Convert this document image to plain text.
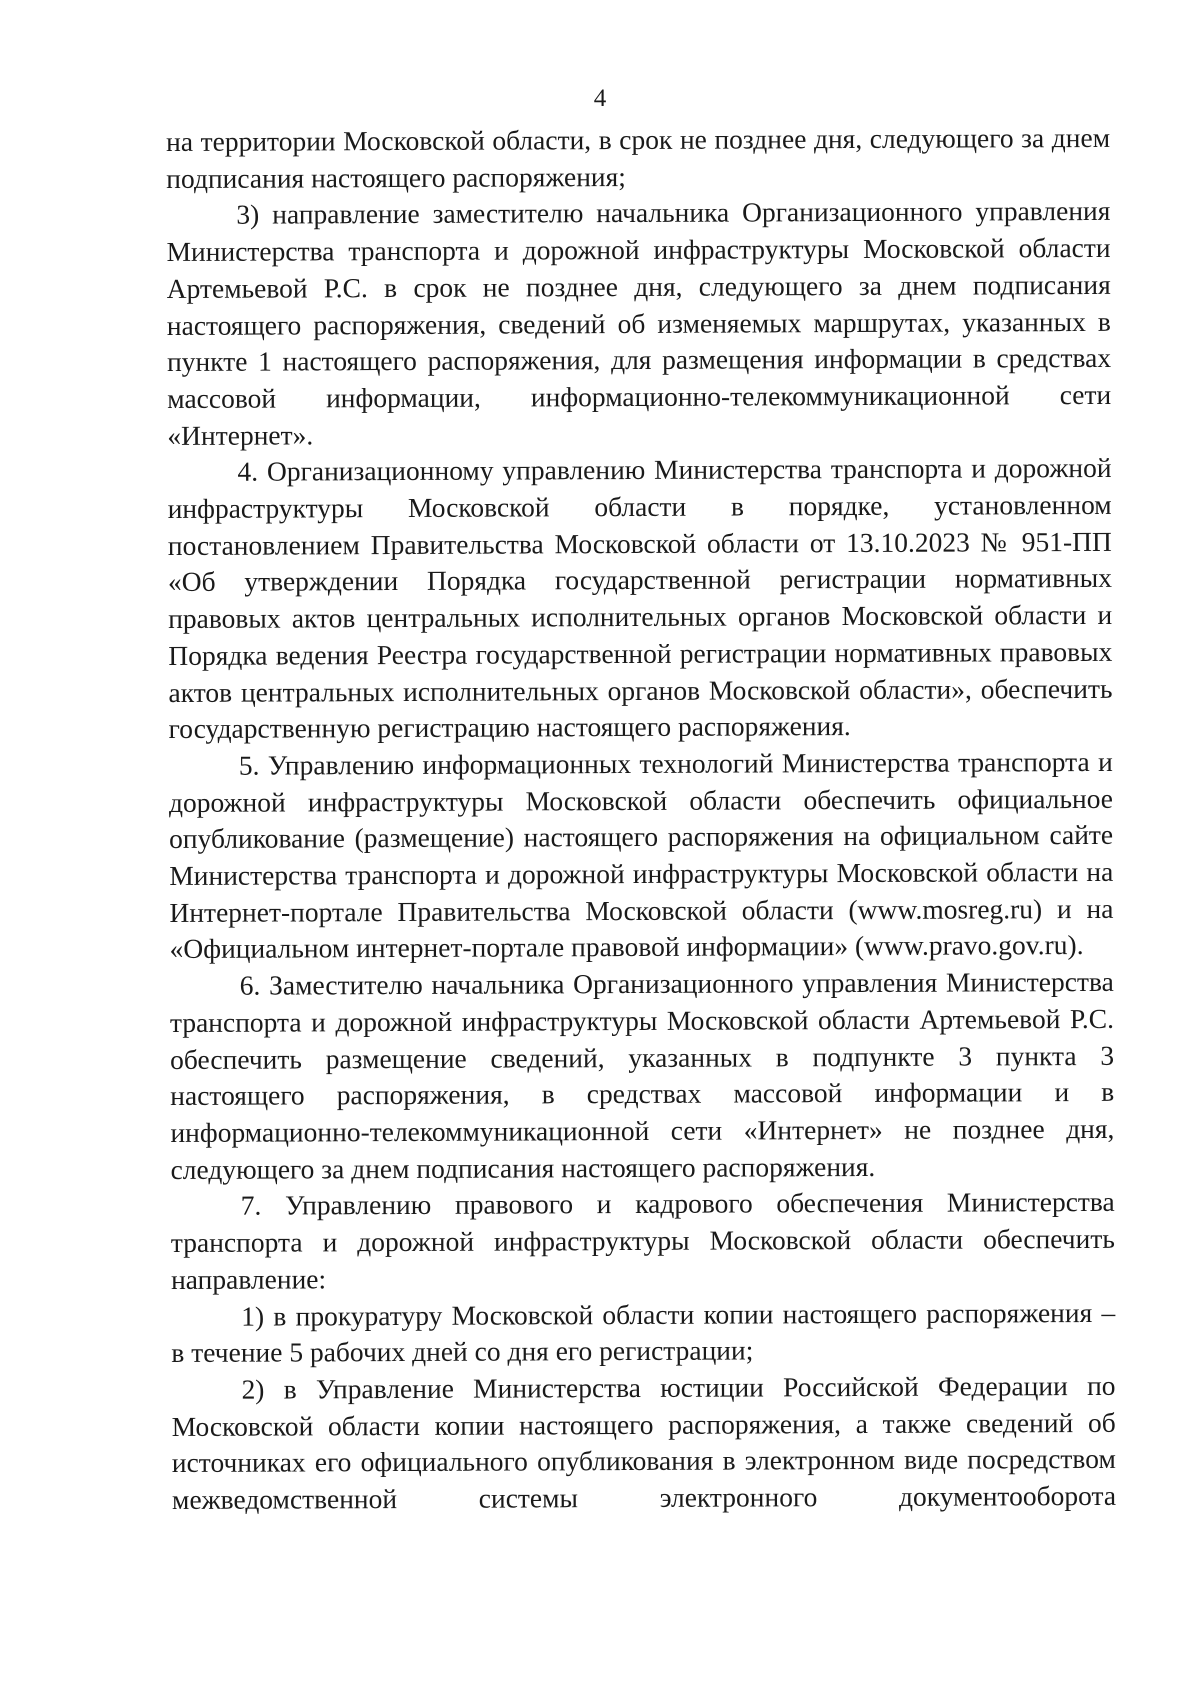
4

на территории Московской области, в срок не позднее дня, следующего за днем подписания настоящего распоряжения;

3) направление заместителю начальника Организационного управления Министерства транспорта и дорожной инфраструктуры Московской области Артемьевой Р.С. в срок не позднее дня, следующего за днем подписания настоящего распоряжения, сведений об изменяемых маршрутах, указанных в пункте 1 настоящего распоряжения, для размещения информации в средствах массовой информации, информационно-телекоммуникационной сети «Интернет».

4. Организационному управлению Министерства транспорта и дорожной инфраструктуры Московской области в порядке, установленном постановлением Правительства Московской области от 13.10.2023 № 951-ПП «Об утверждении Порядка государственной регистрации нормативных правовых актов центральных исполнительных органов Московской области и Порядка ведения Реестра государственной регистрации нормативных правовых актов центральных исполнительных органов Московской области», обеспечить государственную регистрацию настоящего распоряжения.

5. Управлению информационных технологий Министерства транспорта и дорожной инфраструктуры Московской области обеспечить официальное опубликование (размещение) настоящего распоряжения на официальном сайте Министерства транспорта и дорожной инфраструктуры Московской области на Интернет-портале Правительства Московской области (www.mosreg.ru) и на «Официальном интернет-портале правовой информации» (www.pravo.gov.ru).

6. Заместителю начальника Организационного управления Министерства транспорта и дорожной инфраструктуры Московской области Артемьевой Р.С. обеспечить размещение сведений, указанных в подпункте 3 пункта 3 настоящего распоряжения, в средствах массовой информации и в информационно-телекоммуникационной сети «Интернет» не позднее дня, следующего за днем подписания настоящего распоряжения.

7. Управлению правового и кадрового обеспечения Министерства транспорта и дорожной инфраструктуры Московской области обеспечить направление:

1) в прокуратуру Московской области копии настоящего распоряжения – в течение 5 рабочих дней со дня его регистрации;

2) в Управление Министерства юстиции Российской Федерации по Московской области копии настоящего распоряжения, а также сведений об источниках его официального опубликования в электронном виде посредством межведомственной системы электронного документооборота
